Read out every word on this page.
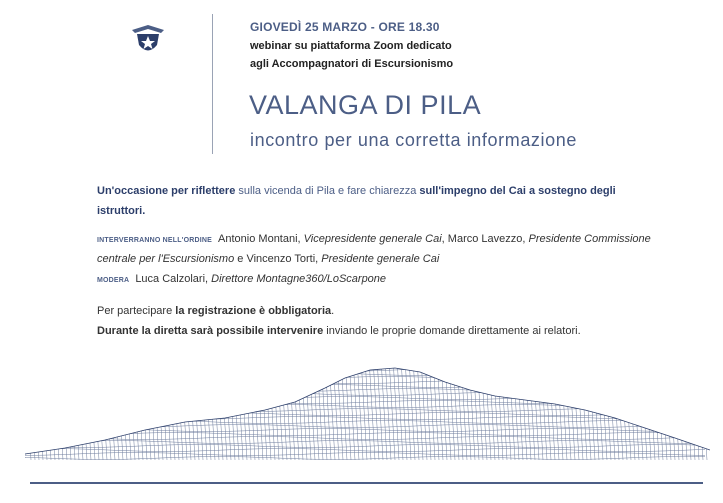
GIOVEDÌ 25 MARZO - ORE 18.30
webinar su piattaforma Zoom dedicato
agli Accompagnatori di Escursionismo
VALANGA DI PILA
incontro per una corretta informazione
Un'occasione per riflettere sulla vicenda di Pila e fare chiarezza sull'impegno del Cai a sostegno degli istruttori.
INTERVERRANNO NELL'ORDINE Antonio Montani, Vicepresidente generale Cai, Marco Lavezzo, Presidente Commissione centrale per l'Escursionismo e Vincenzo Torti, Presidente generale Cai
MODERA Luca Calzolari, Direttore Montagne360/LoScarpone
Per partecipare la registrazione è obbligatoria.
Durante la diretta sarà possibile intervenire inviando le proprie domande direttamente ai relatori.
